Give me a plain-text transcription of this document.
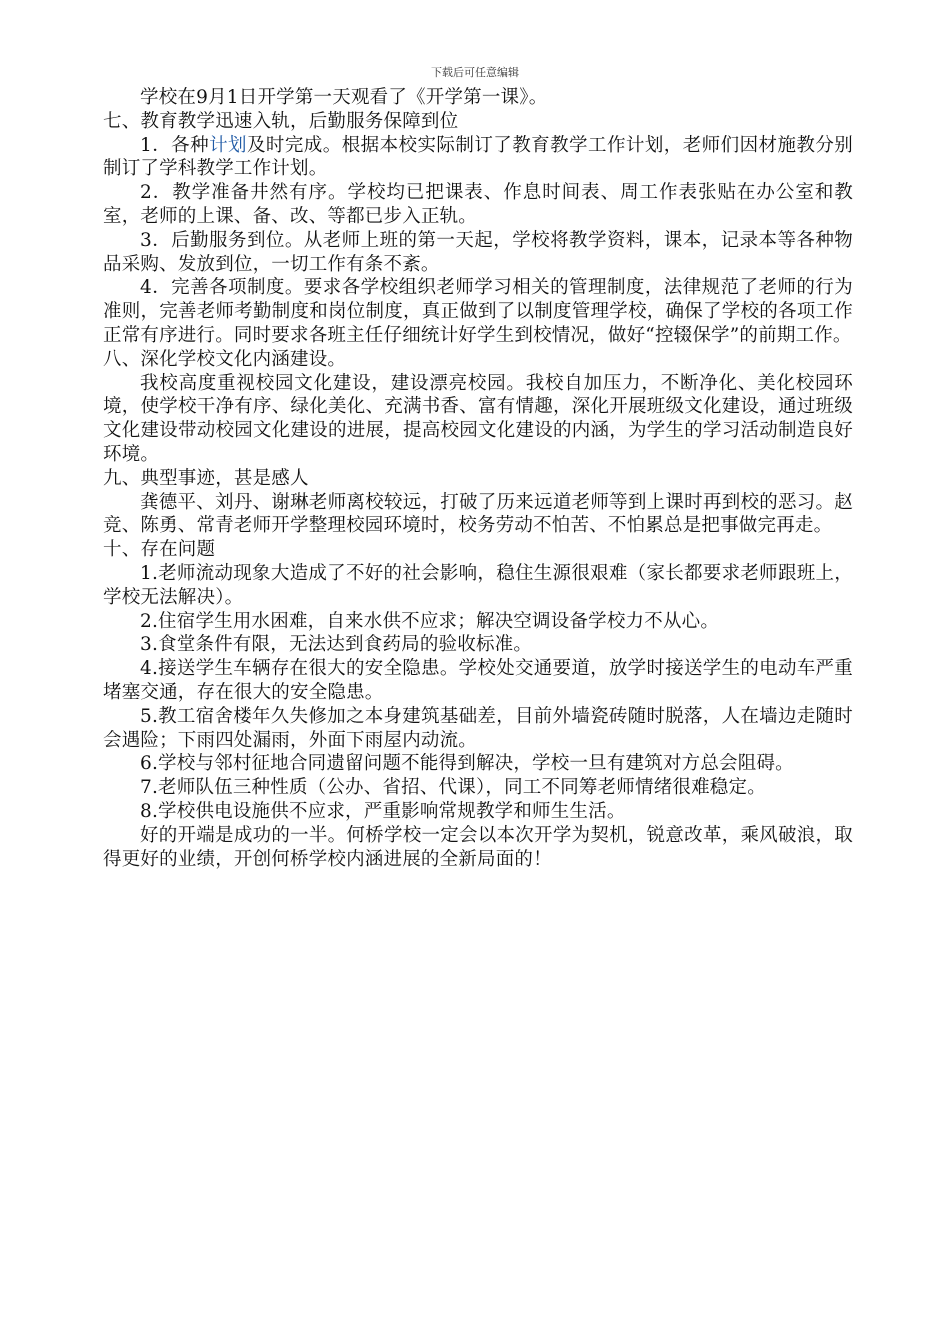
下载后可任意编辑

学校在9月1日开学第一天观看了《开学第一课》。

七、教育教学迅速入轨，后勤服务保障到位

1．各种计划及时完成。根据本校实际制订了教育教学工作计划，老师们因材施教分别制订了学科教学工作计划。

2．教学准备井然有序。学校均已把课表、作息时间表、周工作表张贴在办公室和教室，老师的上课、备、改、等都已步入正轨。

3．后勤服务到位。从老师上班的第一天起，学校将教学资料，课本，记录本等各种物品采购、发放到位，一切工作有条不紊。

4．完善各项制度。要求各学校组织老师学习相关的管理制度，法律规范了老师的行为准则，完善老师考勤制度和岗位制度，真正做到了以制度管理学校，确保了学校的各项工作正常有序进行。同时要求各班主任仔细统计好学生到校情况，做好“控辍保学”的前期工作。

八、深化学校文化内涵建设。

我校高度重视校园文化建设，建设漂亮校园。我校自加压力，不断净化、美化校园环境，使学校干净有序、绿化美化、充满书香、富有情趣，深化开展班级文化建设，通过班级文化建设带动校园文化建设的进展，提高校园文化建设的内涵，为学生的学习活动制造良好环境。

九、典型事迹，甚是感人

龚德平、刘丹、谢琳老师离校较远，打破了历来远道老师等到上课时再到校的恶习。赵竞、陈勇、常青老师开学整理校园环境时，校务劳动不怕苦、不怕累总是把事做完再走。

十、存在问题

1.老师流动现象大造成了不好的社会影响，稳住生源很艰难（家长都要求老师跟班上，学校无法解决）。

2.住宿学生用水困难，自来水供不应求；解决空调设备学校力不从心。

3.食堂条件有限，无法达到食药局的验收标准。

4.接送学生车辆存在很大的安全隐患。学校处交通要道，放学时接送学生的电动车严重堵塞交通，存在很大的安全隐患。

5.教工宿舍楼年久失修加之本身建筑基础差，目前外墙瓷砖随时脱落，人在墙边走随时会遇险；下雨四处漏雨，外面下雨屋内动流。

6.学校与邻村征地合同遗留问题不能得到解决，学校一旦有建筑对方总会阻碍。

7.老师队伍三种性质（公办、省招、代课），同工不同筹老师情绪很难稳定。

8.学校供电设施供不应求，严重影响常规教学和师生生活。

好的开端是成功的一半。何桥学校一定会以本次开学为契机，锐意改革，乘风破浪，取得更好的业绩，开创何桥学校内涵进展的全新局面的！
